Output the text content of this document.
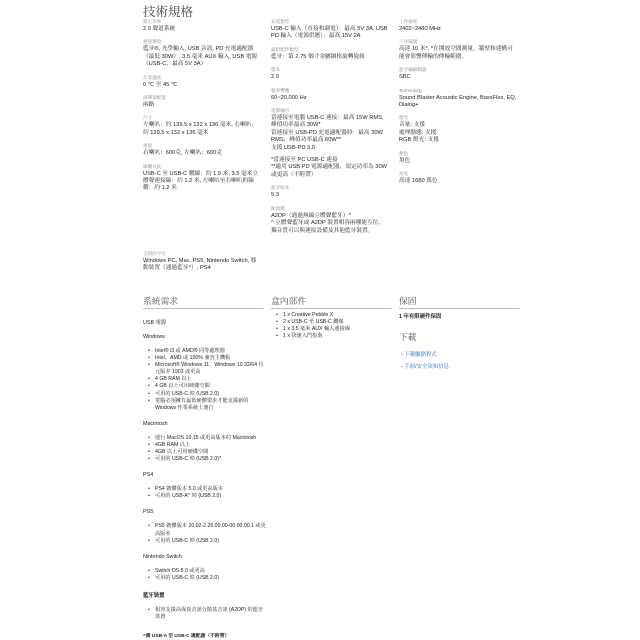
技術規格
額定功率
2.0 聲道系統
連接選項
藍牙®, 光學輸入, USB 音訊, PD 充電適配器（最低 30W）, 3.5 毫米 AUX 輸入, USB 電源（USB-C，最高 5V 3A）
作業溫度
0 ℃ 至 45 ℃
揚聲器配置
兩路
尺寸
左喇叭：約 139.5 x 132 x 136 毫米, 右喇叭：約 139.5 x 132 x 136 毫米
重量
右喇叭：600克, 左喇叭：600克
線纜長度
USB-C 至 USB-C 纜線：約 1.5 米, 3.5 毫米立體聲連接線：約 1.2 米, 左喇叭至右喇叭的線纜：約 1.2 米
充電類型
USB-C 輸入（直接和調電）：最高 5V 3A, USB PD 輸入（電源供應）：最高 15V 2A
隨附配件類型
藍牙：第 2.75 個寸金屬網格旋轉旋鈕
版本
2.0
頻率響應
60~20,000 Hz
電源輸出
當連接至電腦 USB-C 連接：最高 15W RMS，峰值功率最高 30W*
當連接至 USB-PD 充電適配器時：最高 30W RMS，峰值功率最高 60W**
支援 USB-PD 3.0
*當連接至 PC USB-C 連接
**適用 USB PD 電源適配器，須定功率為 30W 或更高（不附帶）
藍牙版本
5.3
配置檔
A2DP（通過無線立體聲藍牙）^
^ 立體聲藍牙或 A2DP 裝置相容兩種能互位，獨音質可以與連接設備及其他藍牙裝置。
工作頻率
2402~2480 MHz
工作範圍
高達 10 米*, *在開放空間測量。牆壁和建構可能會影響傳輸的傳輸範圍。
藍牙編解碼器
SBC
Technology
Sound Blaster Acoustic Engine, BassFlex, EQ, Dialog+
燈光
音量: 支援
處理動態: 支援
RGB 燈光: 支援
顏色
黑色
亮度
高達 1680 萬色
支援的平台
Windows PC, Mac, PS5, Nintendo Switch, 移動裝置（通過藍牙^）, PS4
系統需求	盒內部件	保固
USB 電源
Windows
• Intel® i3 或 AMD® 同等處理器
• Intel、AMD 或 100% 兼容主機板
• Microsoft® Windows 11、Windows 10 32/64 位元版本 1903 或更高
• 4 GB RAM 以上
• 4 GB 以上可用硬碟空間
• 可用的 USB-C 埠 (USB 2.0)
• 電腦必須擁有最低硬體要求才能支援新的 Windows 作業系統上運行
Macintosh
• 運行 MacOS 10.15 或更高版本的 Macintosh
• 4GB RAM 以上
• 4GB 以上可用硬碟空間
• 可用的 USB-C 埠 (USB 2.0)^
PS4
• PS4 韌體版本 5.0 或更高版本
• 可用的 USB-A^ 埠 (USB 2.0)
PS5
• PS5 韌體版本 20.02-2.26.00.00-00.00.00.1 或更高版本
• 可用的 USB-C 埠 (USB 2.0)
Nintendo Switch
• Switch OS 5.0 或更高
• 可用的 USB-C 埠 (USB 2.0)
藍牙裝置
• 相容支援高保真音訊分散基音訊 (A2DP) 的藍牙裝置
^需 USB-A 至 USB-C 適配器（不附帶）
• 1 x Creative Pebble X
• 2 x USB-C 至 USB-C 纜線
• 1 x 3.5 毫米 AUX 輸入連接線
• 1 x 快速入門指南
1 年有限硬件保固
下載
› 下載驅動程式
› 手冊/安全須知信息
